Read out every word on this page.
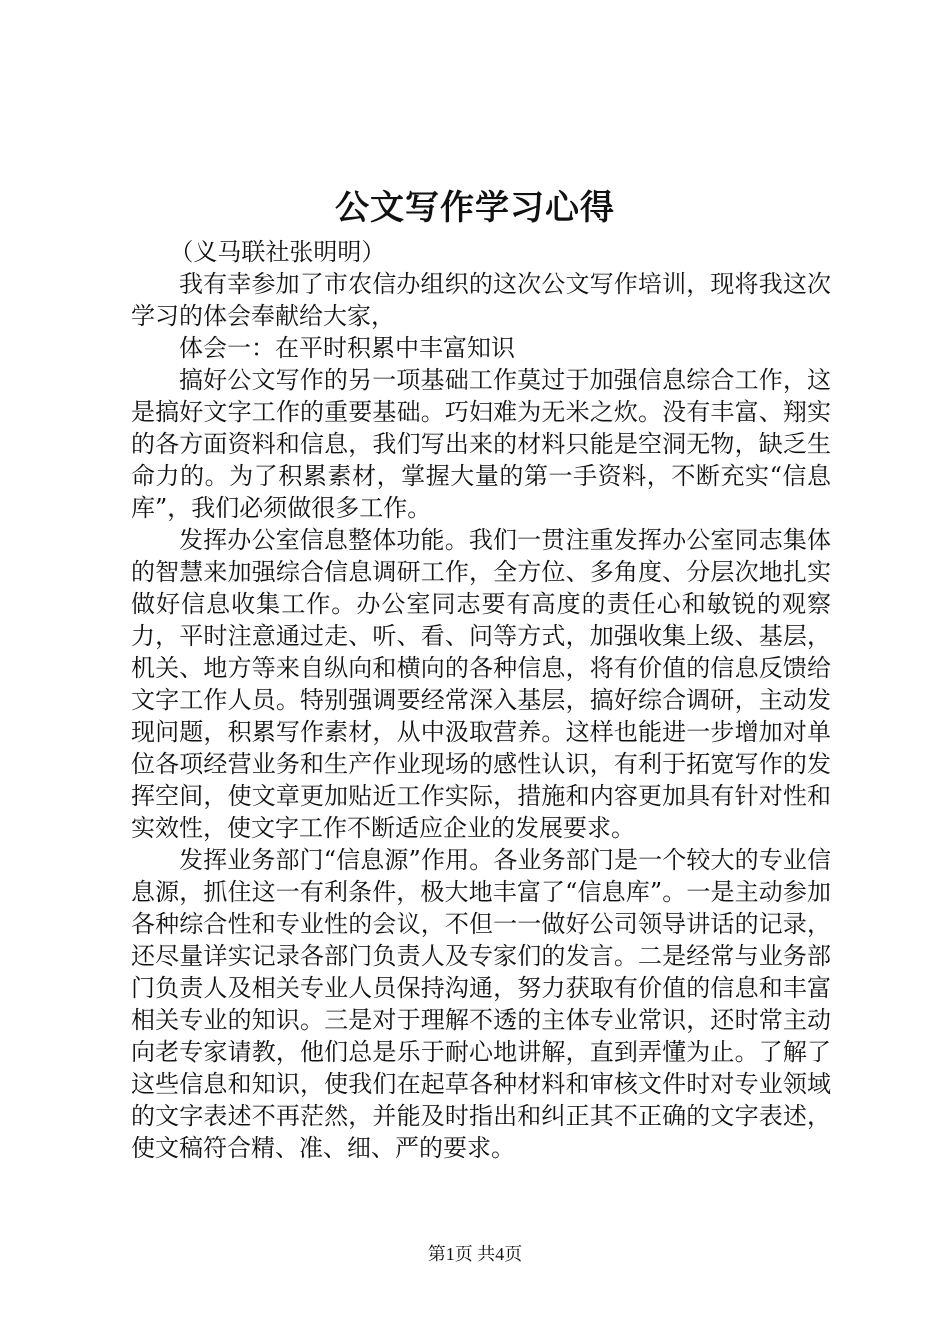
公文写作学习心得

（义马联社张明明）

我有幸参加了市农信办组织的这次公文写作培训，现将我这次学习的体会奉献给大家，

体会一：在平时积累中丰富知识

搞好公文写作的另一项基础工作莫过于加强信息综合工作，这是搞好文字工作的重要基础。巧妇难为无米之炊。没有丰富、翔实的各方面资料和信息，我们写出来的材料只能是空洞无物，缺乏生命力的。为了积累素材，掌握大量的第一手资料，不断充实“信息库”，我们必须做很多工作。

发挥办公室信息整体功能。我们一贯注重发挥办公室同志集体的智慧来加强综合信息调研工作，全方位、多角度、分层次地扎实做好信息收集工作。办公室同志要有高度的责任心和敏锐的观察力，平时注意通过走、听、看、问等方式，加强收集上级、基层，机关、地方等来自纵向和横向的各种信息，将有价值的信息反馈给文字工作人员。特别强调要经常深入基层，搞好综合调研，主动发现问题，积累写作素材，从中汲取营养。这样也能进一步增加对单位各项经营业务和生产作业现场的感性认识，有利于拓宽写作的发挥空间，使文章更加贴近工作实际，措施和内容更加具有针对性和实效性，使文字工作不断适应企业的发展要求。

发挥业务部门“信息源”作用。各业务部门是一个较大的专业信息源，抓住这一有利条件，极大地丰富了“信息库”。一是主动参加各种综合性和专业性的会议，不但一一做好公司领导讲话的记录，还尽量详实记录各部门负责人及专家们的发言。二是经常与业务部门负责人及相关专业人员保持沟通，努力获取有价值的信息和丰富相关专业的知识。三是对于理解不透的主体专业常识，还时常主动向老专家请教，他们总是乐于耐心地讲解，直到弄懂为止。了解了这些信息和知识，使我们在起草各种材料和审核文件时对专业领域的文字表述不再茫然，并能及时指出和纠正其不正确的文字表述，使文稿符合精、准、细、严的要求。

第1页 共4页
